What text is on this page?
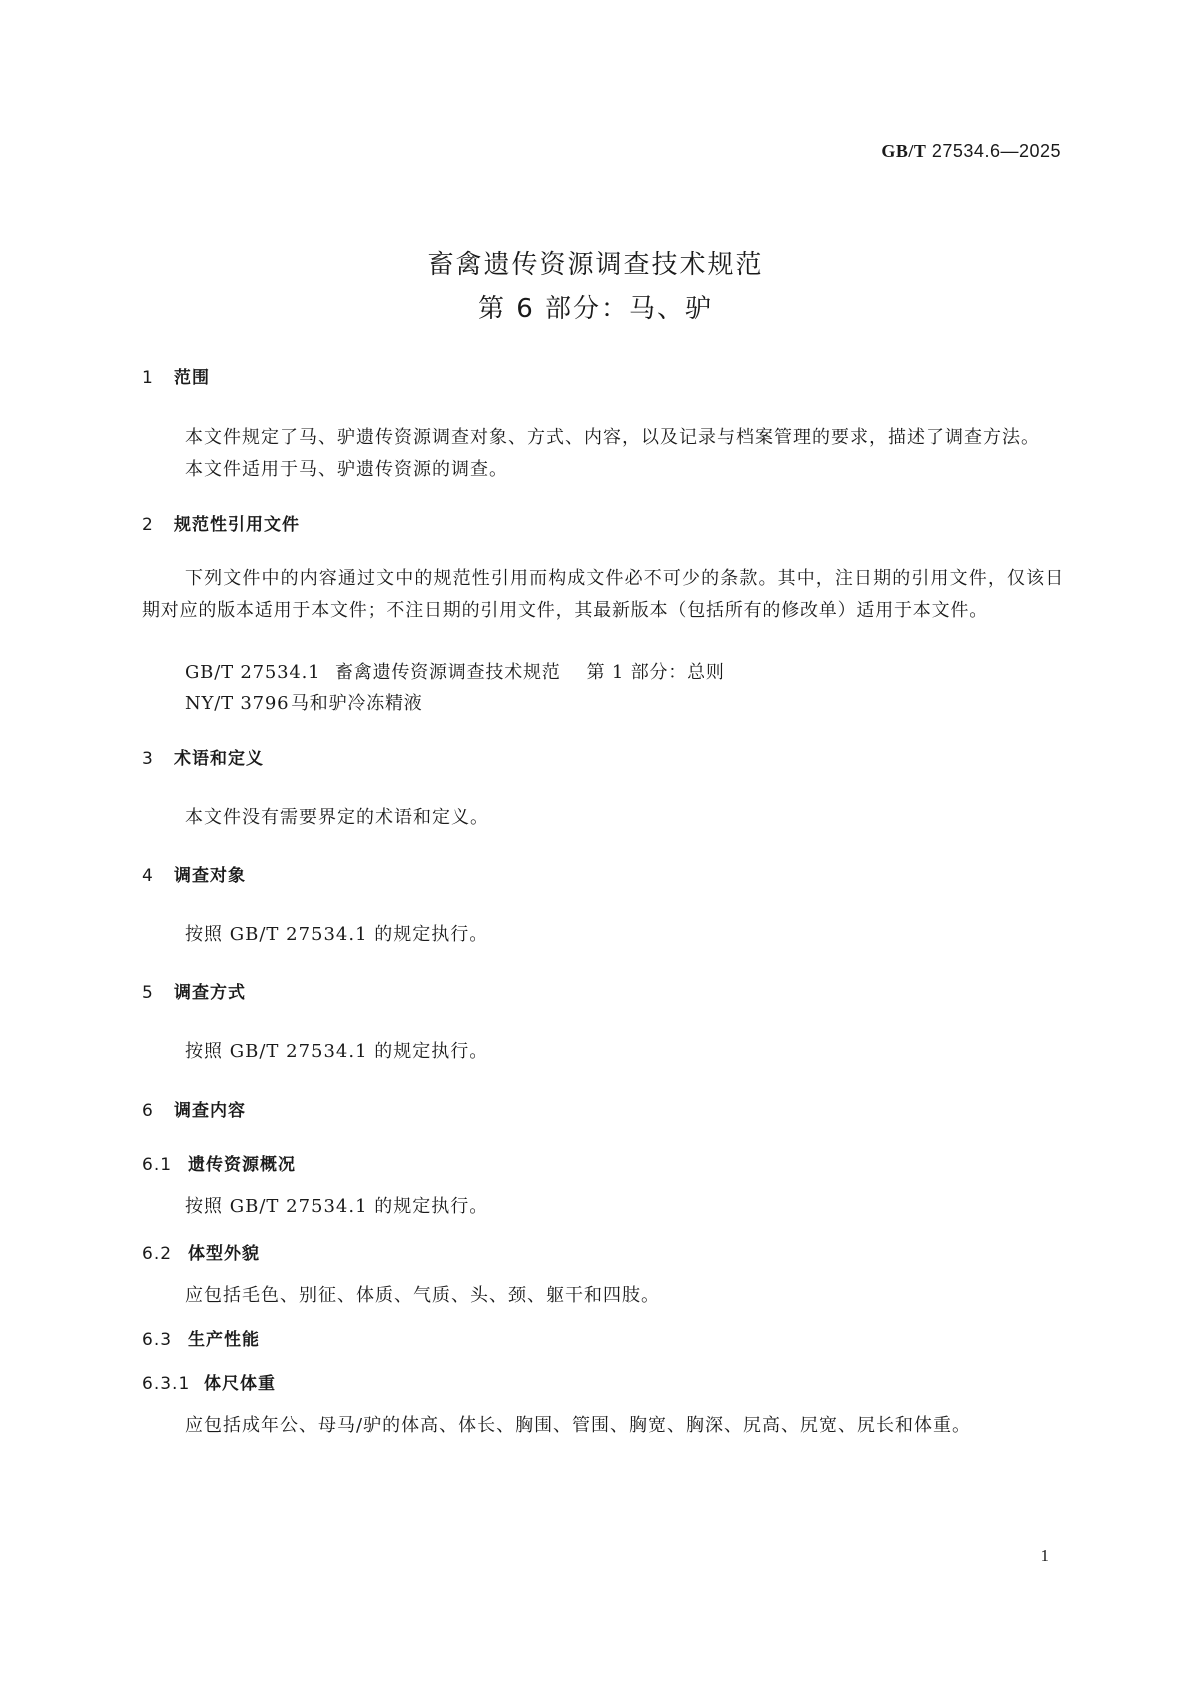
GB/T 27534.6—2025
畜禽遗传资源调查技术规范
第 6 部分：马、驴
1 范围
本文件规定了马、驴遗传资源调查对象、方式、内容，以及记录与档案管理的要求，描述了调查方法。
本文件适用于马、驴遗传资源的调查。
2 规范性引用文件
下列文件中的内容通过文中的规范性引用而构成文件必不可少的条款。其中，注日期的引用文件，仅该日期对应的版本适用于本文件；不注日期的引用文件，其最新版本（包括所有的修改单）适用于本文件。
GB/T 27534.1 畜禽遗传资源调查技术规范 第 1 部分：总则
NY/T 3796马和驴冷冻精液
3 术语和定义
本文件没有需要界定的术语和定义。
4 调查对象
按照 GB/T 27534.1 的规定执行。
5 调查方式
按照 GB/T 27534.1 的规定执行。
6 调查内容
6.1 遗传资源概况
按照 GB/T 27534.1 的规定执行。
6.2 体型外貌
应包括毛色、别征、体质、气质、头、颈、躯干和四肢。
6.3 生产性能
6.3.1 体尺体重
应包括成年公、母马/驴的体高、体长、胸围、管围、胸宽、胸深、尻高、尻宽、尻长和体重。
1
